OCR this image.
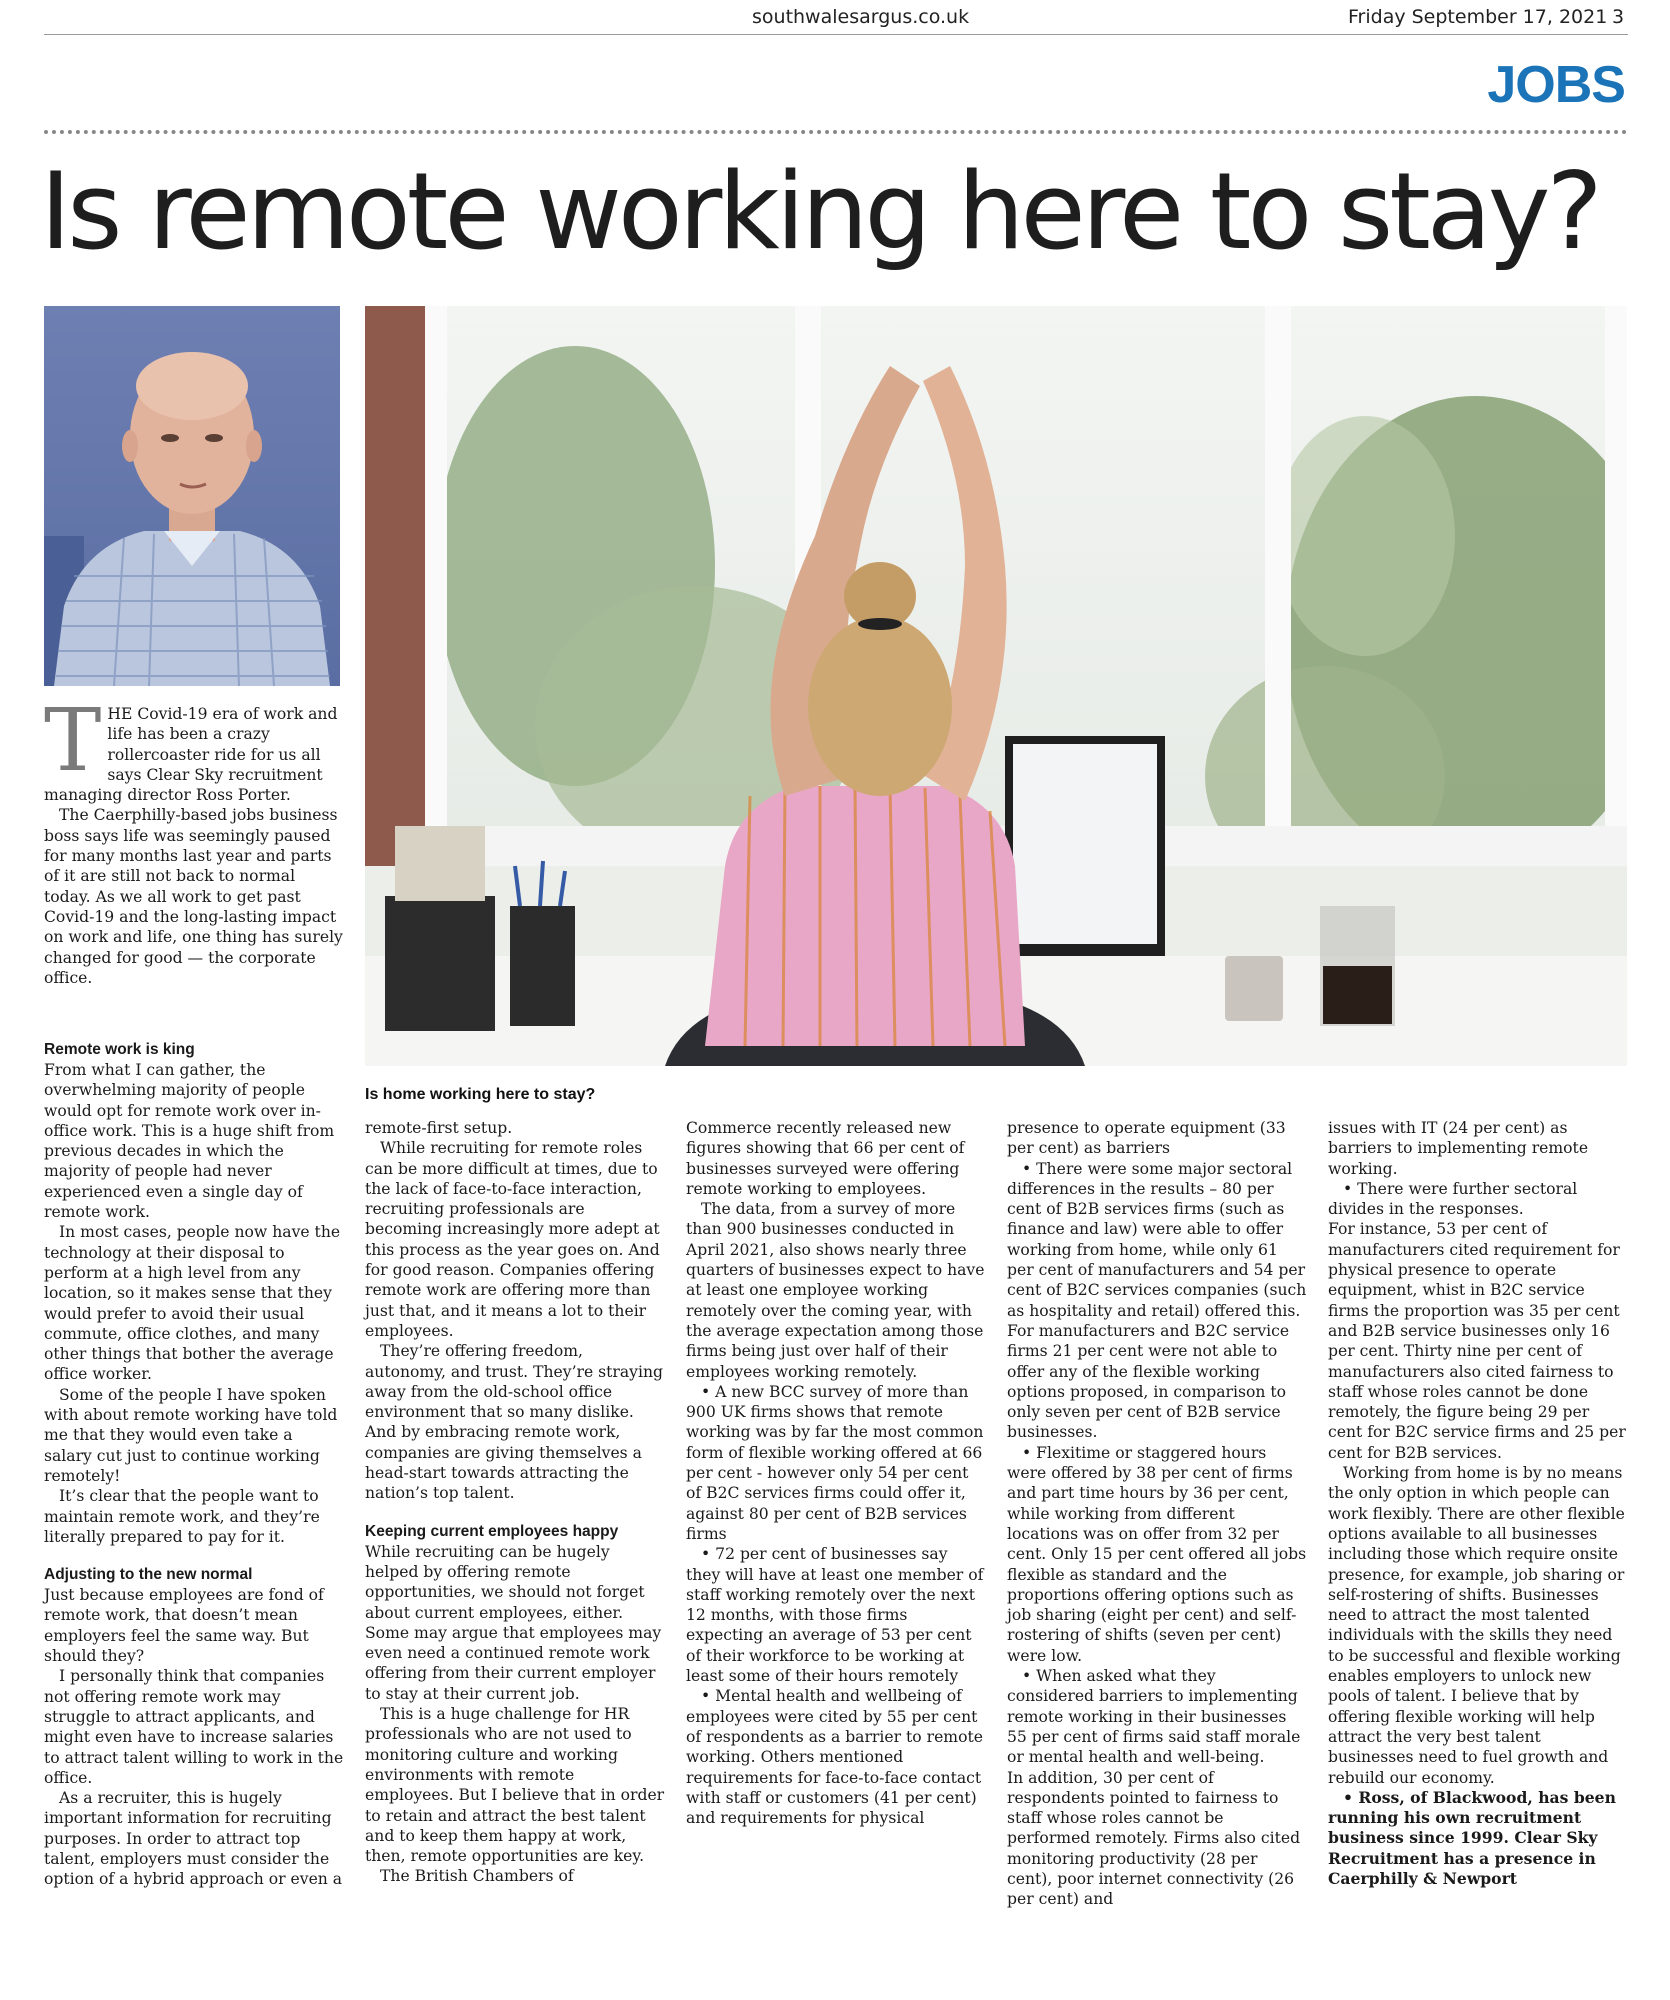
southwalesargus.co.uk	Friday September 17, 2021 3
JOBS
Is remote working here to stay?
Is home working here to stay?

THE Covid-19 era of work and life has been a crazy rollercoaster ride for us all says Clear Sky recruitment managing director Ross Porter.

The Caerphilly-based jobs business boss says life was seemingly paused for many months last year and parts of it are still not back to normal today. As we all work to get past Covid-19 and the long-lasting impact on work and life, one thing has surely changed for good — the corporate office.

Remote work is king

From what I can gather, the overwhelming majority of people would opt for remote work over in-office work. This is a huge shift from previous decades in which the majority of people had never experienced even a single day of remote work.

In most cases, people now have the technology at their disposal to perform at a high level from any location, so it makes sense that they would prefer to avoid their usual commute, office clothes, and many other things that bother the average office worker.

Some of the people I have spoken with about remote working have told me that they would even take a salary cut just to continue working remotely!

It’s clear that the people want to maintain remote work, and they’re literally prepared to pay for it.

Adjusting to the new normal

Just because employees are fond of remote work, that doesn’t mean employers feel the same way. But should they?

I personally think that companies not offering remote work may struggle to attract applicants, and might even have to increase salaries to attract talent willing to work in the office.

As a recruiter, this is hugely important information for recruiting purposes. In order to attract top talent, employers must consider the option of a hybrid approach or even a

remote-first setup.

While recruiting for remote roles can be more difficult at times, due to the lack of face-to-face interaction, recruiting professionals are becoming increasingly more adept at this process as the year goes on. And for good reason. Companies offering remote work are offering more than just that, and it means a lot to their employees.

They’re offering freedom, autonomy, and trust. They’re straying away from the old-school office environment that so many dislike. And by embracing remote work, companies are giving themselves a head-start towards attracting the nation’s top talent.

Keeping current employees happy

While recruiting can be hugely helped by offering remote opportunities, we should not forget about current employees, either. Some may argue that employees may even need a continued remote work offering from their current employer to stay at their current job.

This is a huge challenge for HR professionals who are not used to monitoring culture and working environments with remote employees. But I believe that in order to retain and attract the best talent and to keep them happy at work, then, remote opportunities are key.

The British Chambers of

Commerce recently released new figures showing that 66 per cent of businesses surveyed were offering remote working to employees.

The data, from a survey of more than 900 businesses conducted in April 2021, also shows nearly three quarters of businesses expect to have at least one employee working remotely over the coming year, with the average expectation among those firms being just over half of their employees working remotely.

• A new BCC survey of more than 900 UK firms shows that remote working was by far the most common form of flexible working offered at 66 per cent - however only 54 per cent of B2C services firms could offer it, against 80 per cent of B2B services firms

• 72 per cent of businesses say they will have at least one member of staff working remotely over the next 12 months, with those firms expecting an average of 53 per cent of their workforce to be working at least some of their hours remotely

• Mental health and wellbeing of employees were cited by 55 per cent of respondents as a barrier to remote working. Others mentioned requirements for face-to-face contact with staff or customers (41 per cent) and requirements for physical

presence to operate equipment (33 per cent) as barriers

• There were some major sectoral differences in the results – 80 per cent of B2B services firms (such as finance and law) were able to offer working from home, while only 61 per cent of manufacturers and 54 per cent of B2C services companies (such as hospitality and retail) offered this. For manufacturers and B2C service firms 21 per cent were not able to offer any of the flexible working options proposed, in comparison to only seven per cent of B2B service businesses.

• Flexitime or staggered hours were offered by 38 per cent of firms and part time hours by 36 per cent, while working from different locations was on offer from 32 per cent. Only 15 per cent offered all jobs flexible as standard and the proportions offering options such as job sharing (eight per cent) and self-rostering of shifts (seven per cent) were low.

• When asked what they considered barriers to implementing remote working in their businesses 55 per cent of firms said staff morale or mental health and well-being.

In addition, 30 per cent of respondents pointed to fairness to staff whose roles cannot be performed remotely. Firms also cited monitoring productivity (28 per cent), poor internet connectivity (26 per cent) and

issues with IT (24 per cent) as barriers to implementing remote working.

• There were further sectoral divides in the responses.

For instance, 53 per cent of manufacturers cited requirement for physical presence to operate equipment, whist in B2C service firms the proportion was 35 per cent and B2B service businesses only 16 per cent. Thirty nine per cent of manufacturers also cited fairness to staff whose roles cannot be done remotely, the figure being 29 per cent for B2C service firms and 25 per cent for B2B services.

Working from home is by no means the only option in which people can work flexibly. There are other flexible options available to all businesses including those which require onsite presence, for example, job sharing or self-rostering of shifts. Businesses need to attract the most talented individuals with the skills they need to be successful and flexible working enables employers to unlock new pools of talent. I believe that by offering flexible working will help attract the very best talent businesses need to fuel growth and rebuild our economy.

• Ross, of Blackwood, has been running his own recruitment business since 1999. Clear Sky Recruitment has a presence in Caerphilly & Newport
